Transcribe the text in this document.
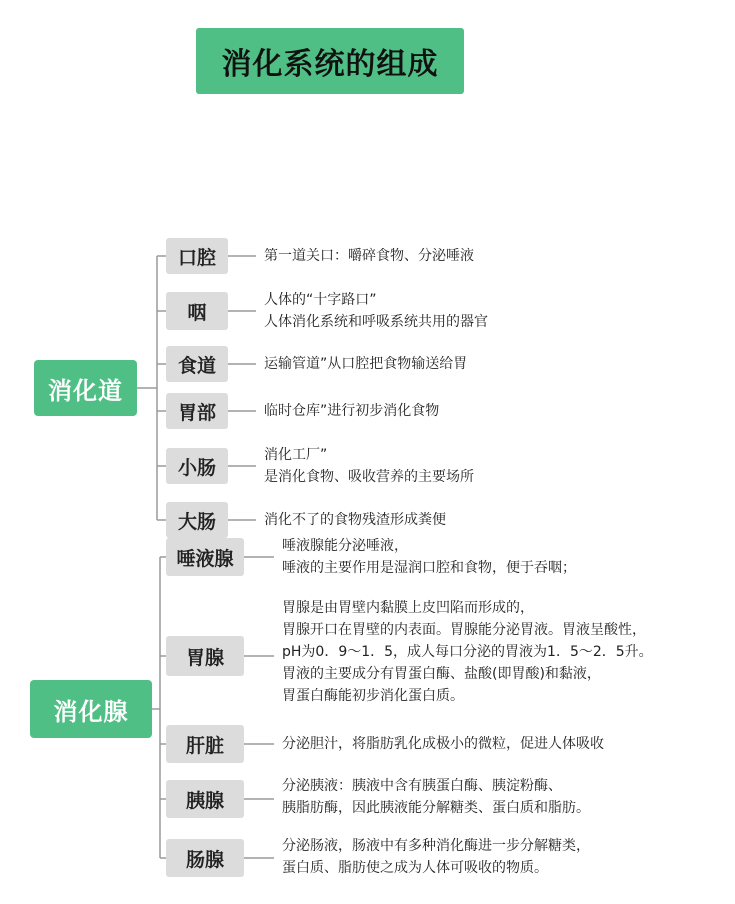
消化系统的组成
消化道
消化腺
口腔
咽
食道
胃部
小肠
大肠
第一道关口：嚼碎食物、分泌唾液
人体的“十字路口”
人体消化系统和呼吸系统共用的器官
运输管道”从口腔把食物输送给胃
临时仓库”进行初步消化食物
消化工厂”
是消化食物、吸收营养的主要场所
消化不了的食物残渣形成粪便
唾液腺
胃腺
肝脏
胰腺
肠腺
唾液腺能分泌唾液，
唾液的主要作用是湿润口腔和食物，便于吞咽；
胃腺是由胃壁内黏膜上皮凹陷而形成的，
胃腺开口在胃壁的内表面。胃腺能分泌胃液。胃液呈酸性，
pH为0．9～1．5，成人每口分泌的胃液为1．5～2．5升。
胃液的主要成分有胃蛋白酶、盐酸(即胃酸)和黏液，
胃蛋白酶能初步消化蛋白质。
分泌胆汁，将脂肪乳化成极小的微粒，促进人体吸收
分泌胰液：胰液中含有胰蛋白酶、胰淀粉酶、
胰脂肪酶，因此胰液能分解糖类、蛋白质和脂肪。
分泌肠液，肠液中有多种消化酶进一步分解糖类，
蛋白质、脂肪使之成为人体可吸收的物质。
